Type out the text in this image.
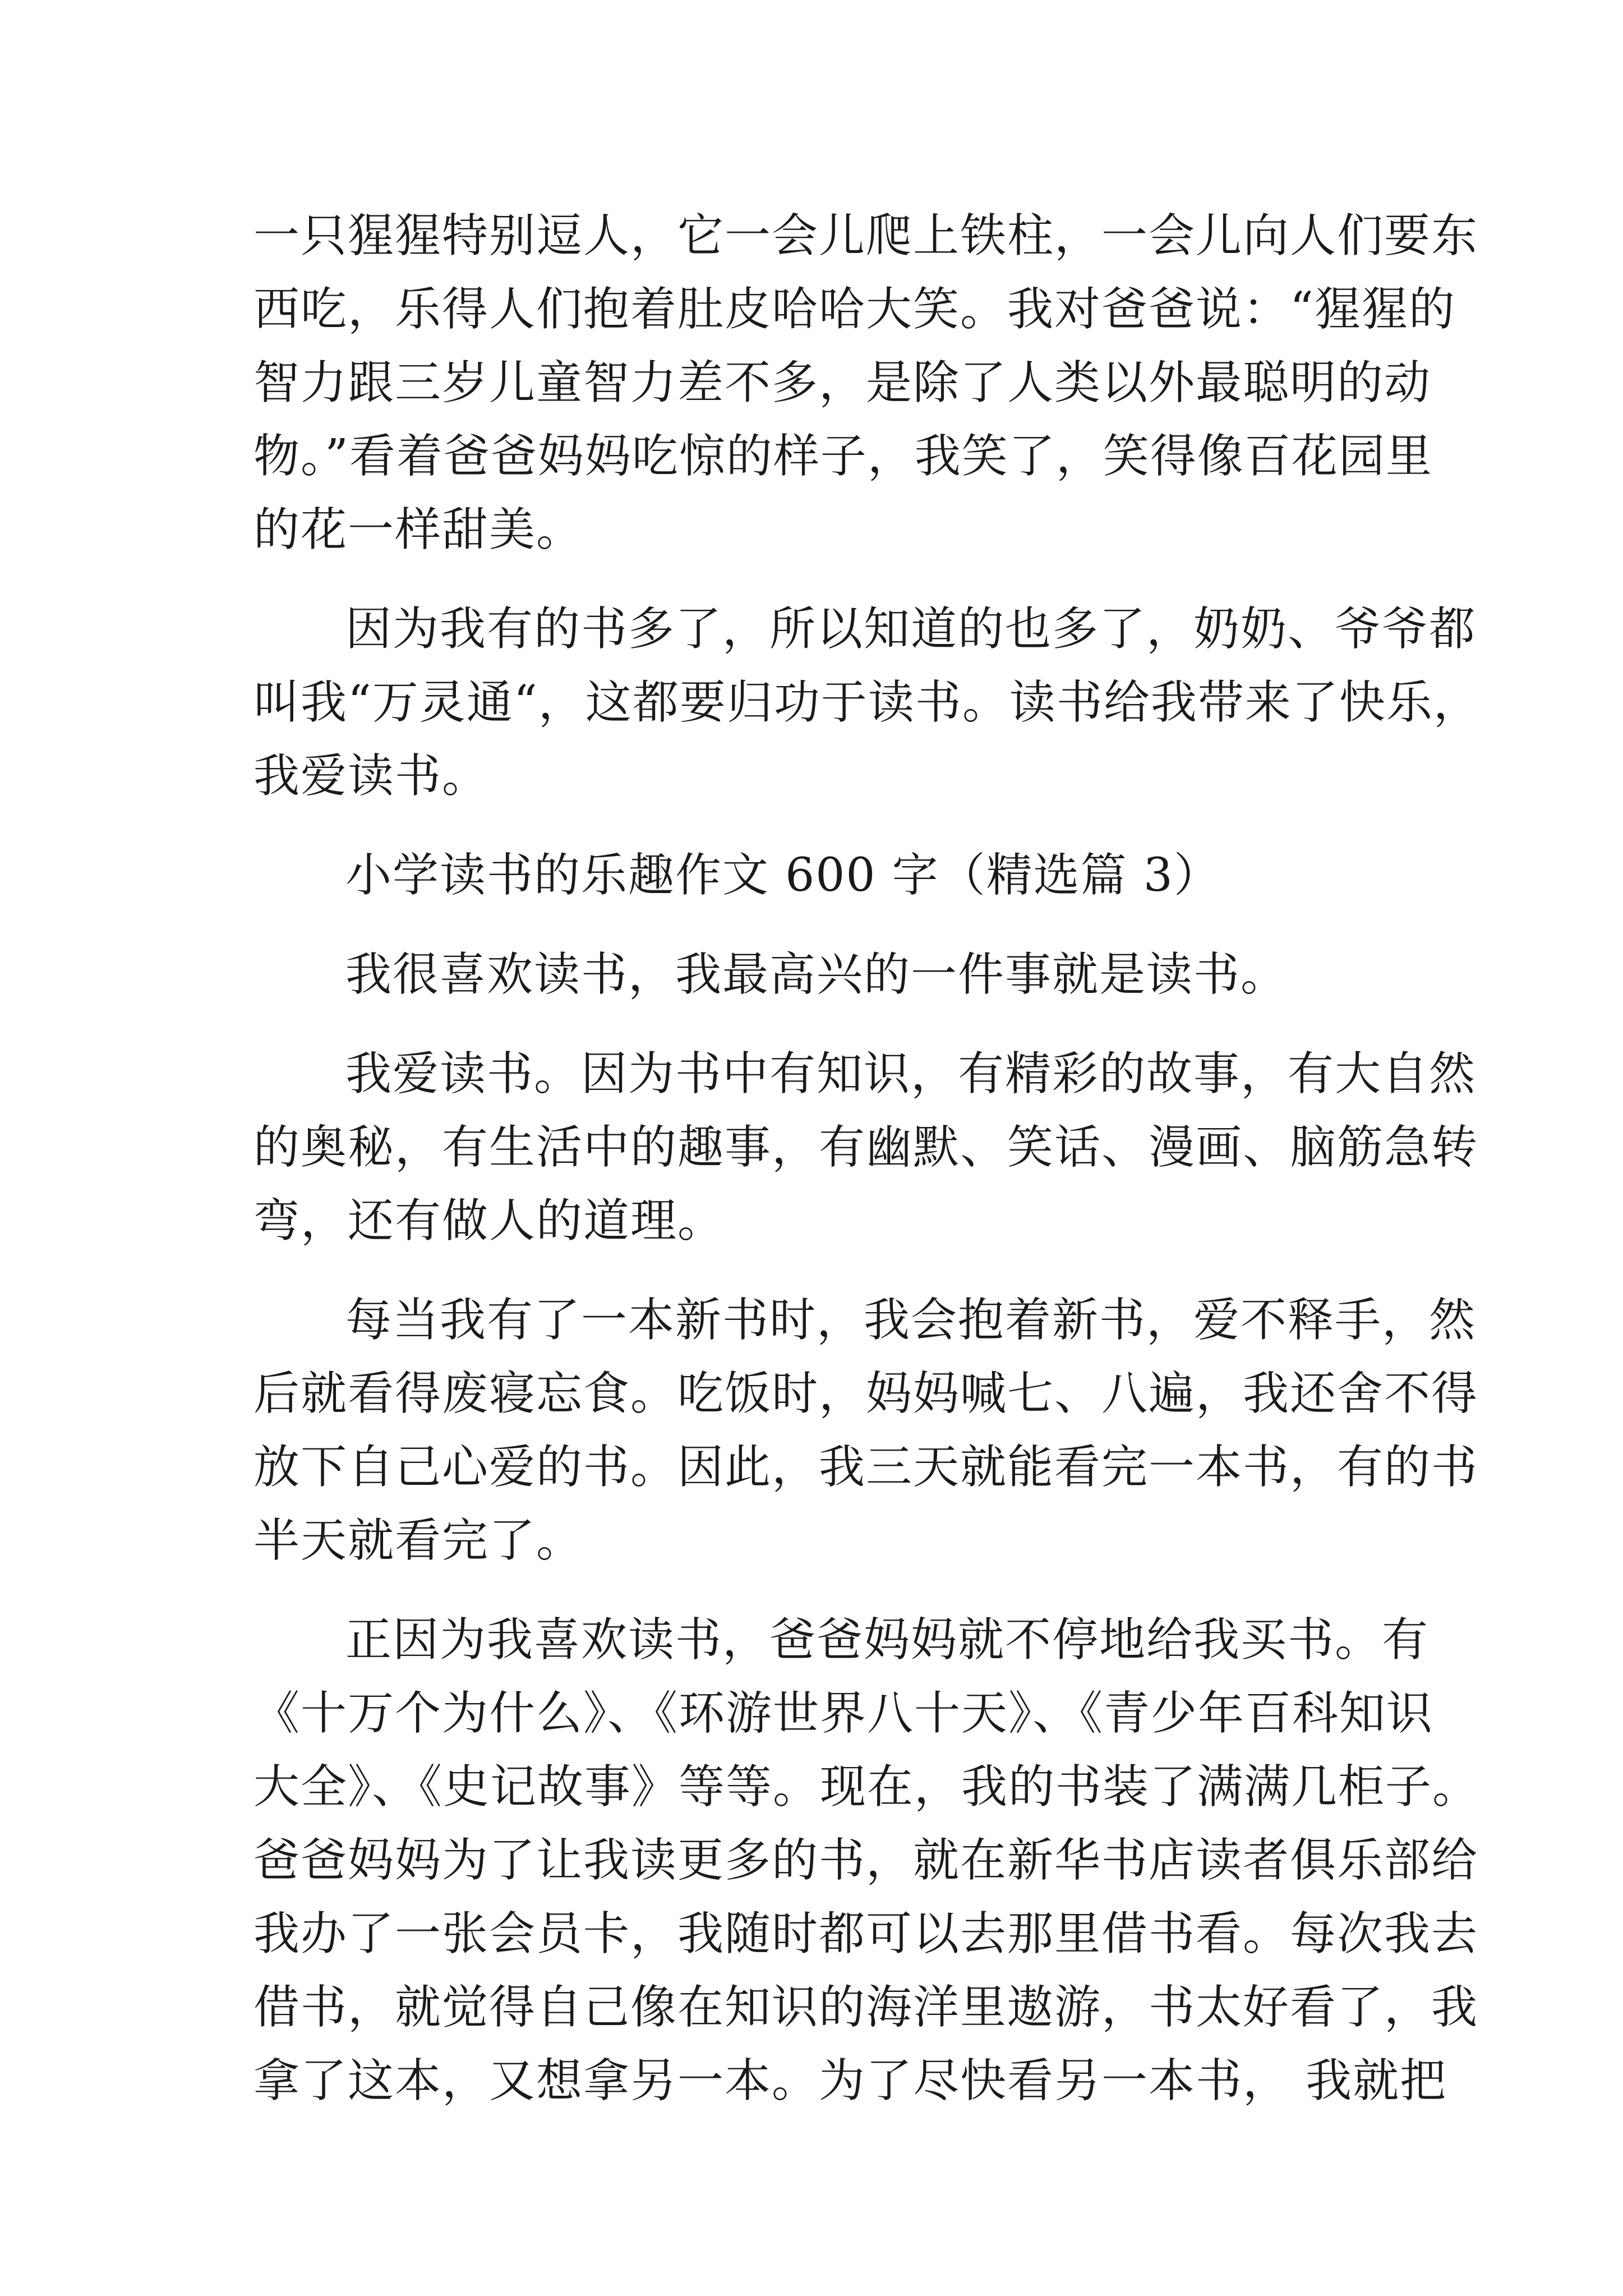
一只猩猩特别逗人，它一会儿爬上铁柱，一会儿向人们要东
西吃，乐得人们抱着肚皮哈哈大笑。我对爸爸说：“猩猩的
智力跟三岁儿童智力差不多，是除了人类以外最聪明的动
物。”看着爸爸妈妈吃惊的样子，我笑了，笑得像百花园里
的花一样甜美。

因为我有的书多了，所以知道的也多了，奶奶、爷爷都
叫我“万灵通“，这都要归功于读书。读书给我带来了快乐，
我爱读书。

小学读书的乐趣作文 600 字（精选篇 3）

我很喜欢读书，我最高兴的一件事就是读书。

我爱读书。因为书中有知识，有精彩的故事，有大自然
的奥秘，有生活中的趣事，有幽默、笑话、漫画、脑筋急转
弯，还有做人的道理。

每当我有了一本新书时，我会抱着新书，爱不释手，然
后就看得废寝忘食。吃饭时，妈妈喊七、八遍，我还舍不得
放下自己心爱的书。因此，我三天就能看完一本书，有的书
半天就看完了。

正因为我喜欢读书，爸爸妈妈就不停地给我买书。有
《十万个为什么》、《环游世界八十天》、《青少年百科知识
大全》、《史记故事》等等。现在，我的书装了满满几柜子。
爸爸妈妈为了让我读更多的书，就在新华书店读者俱乐部给
我办了一张会员卡，我随时都可以去那里借书看。每次我去
借书，就觉得自己像在知识的海洋里遨游，书太好看了，我
拿了这本，又想拿另一本。为了尽快看另一本书， 我就把
